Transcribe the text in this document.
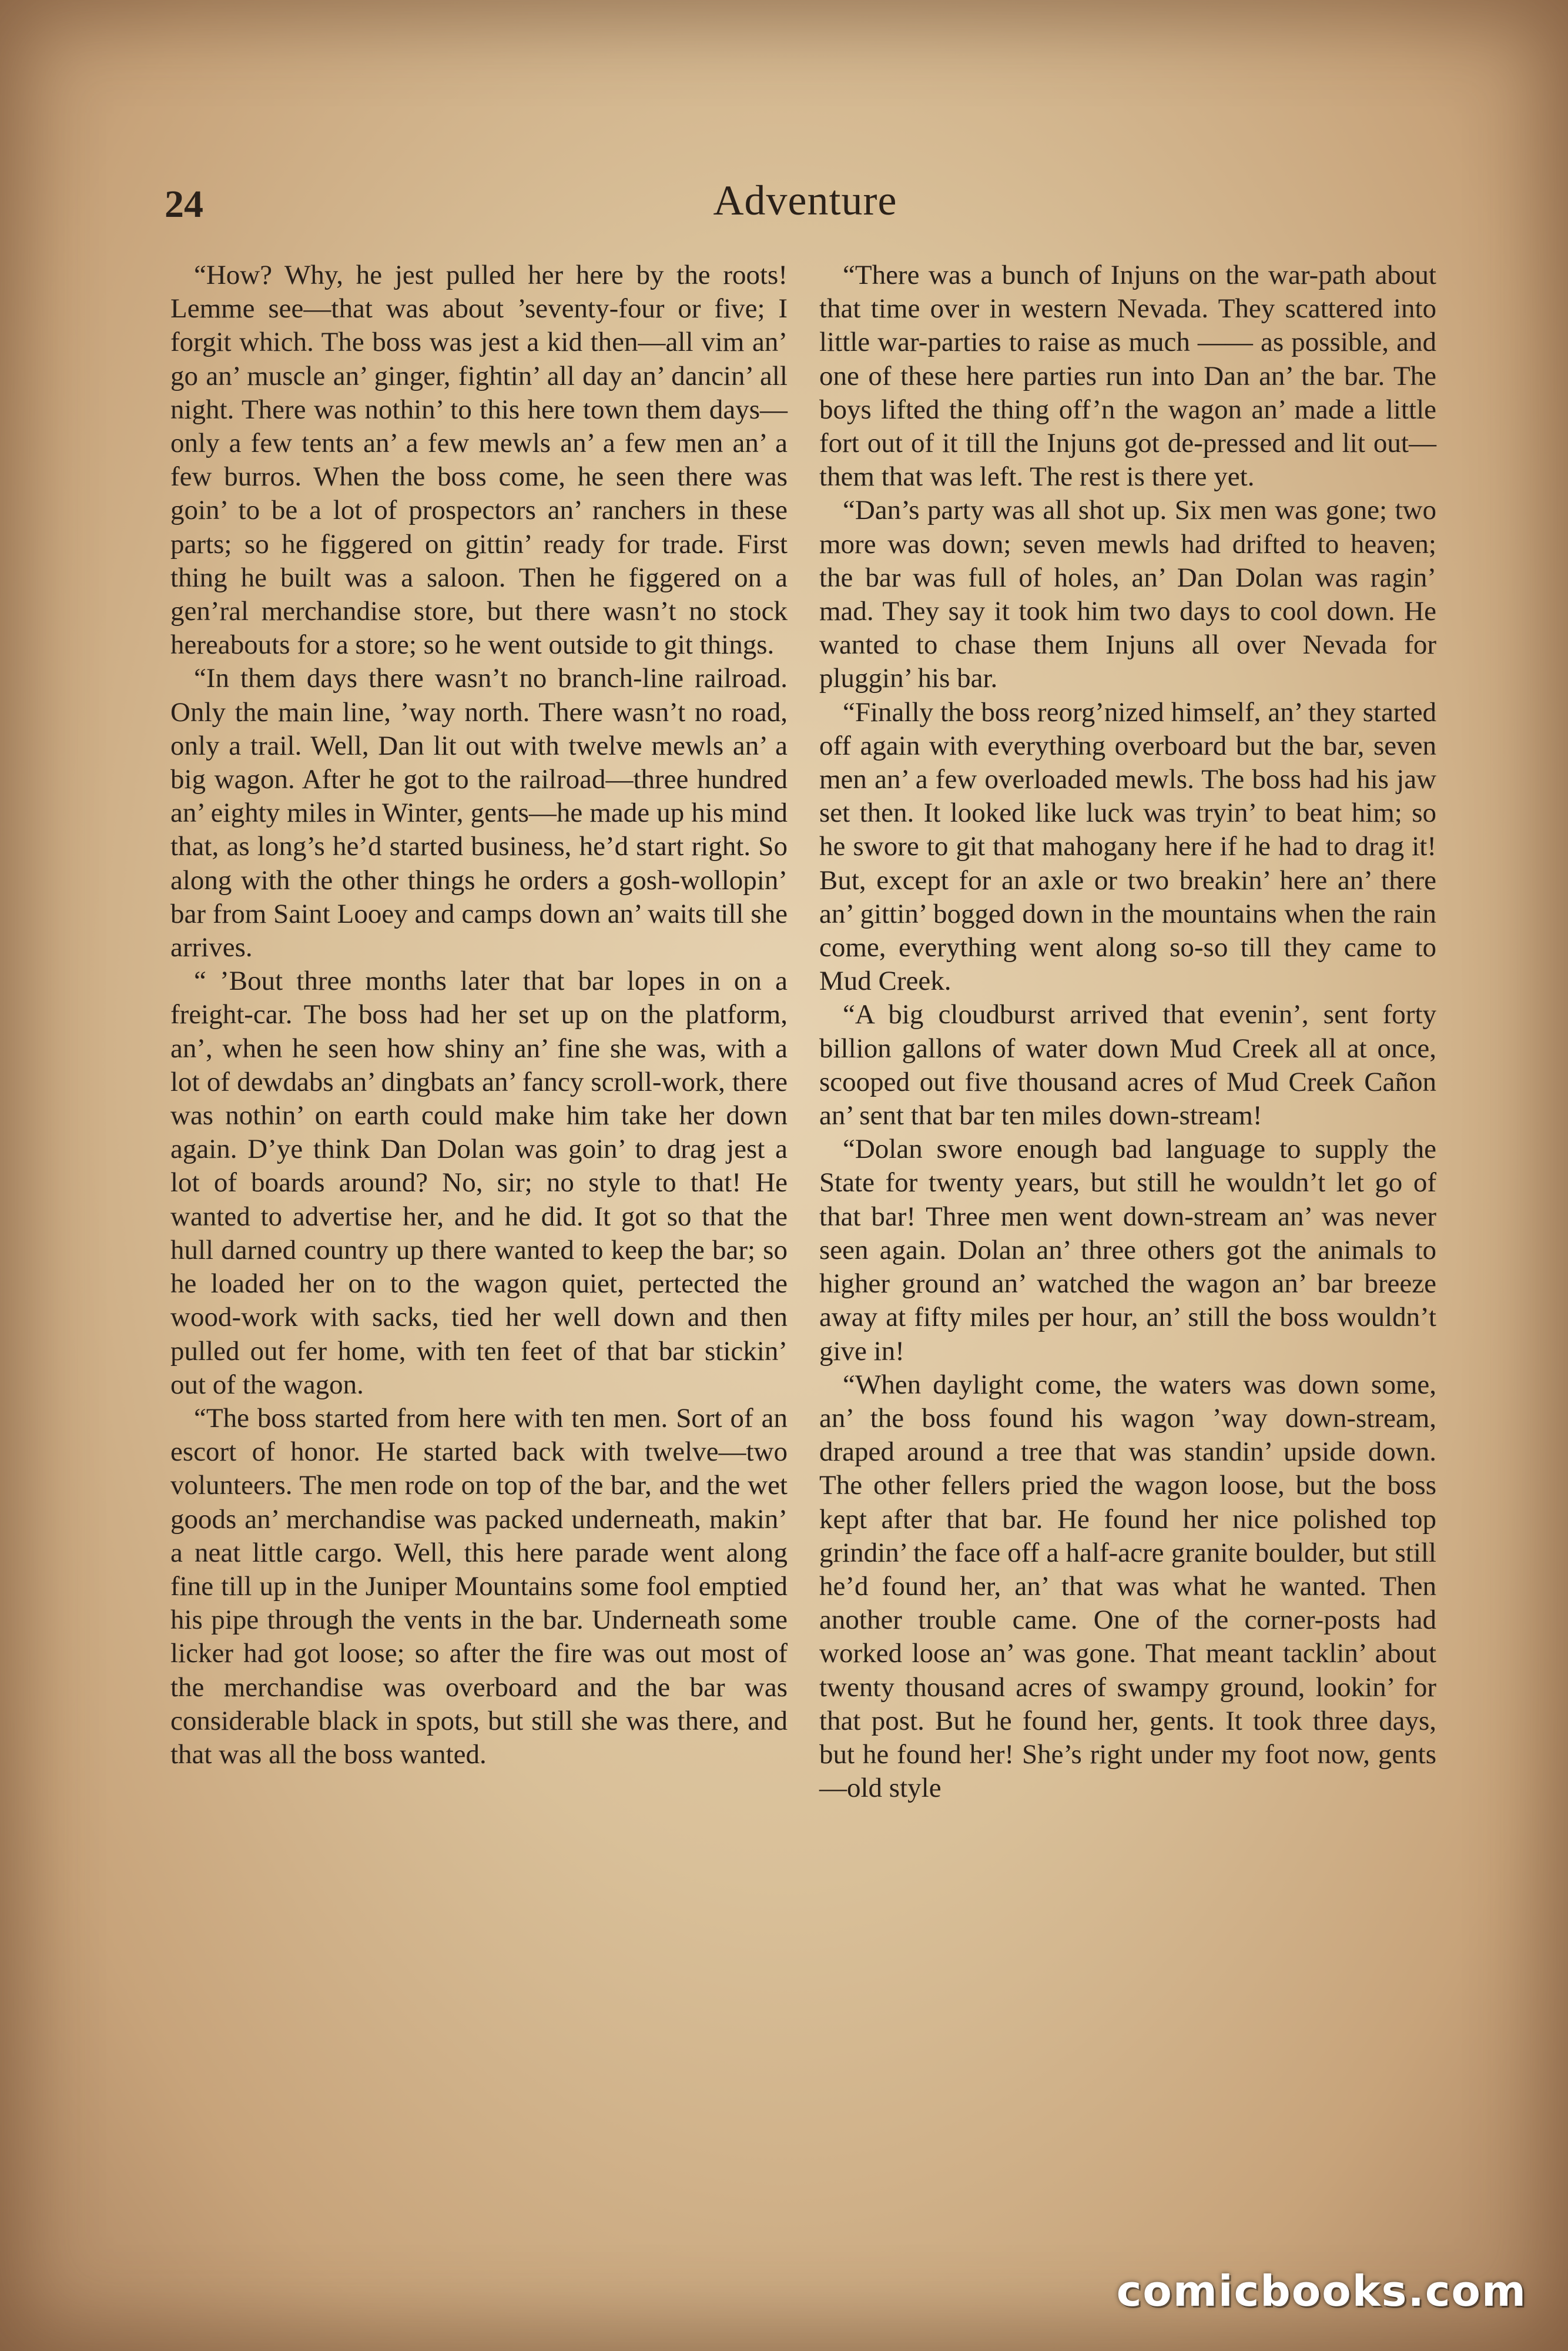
24	Adventure

“How? Why, he jest pulled her here by the roots! Lemme see—that was about ’seventy-four or five; I forgit which. The boss was jest a kid then—all vim an’ go an’ muscle an’ ginger, fightin’ all day an’ dancin’ all night. There was nothin’ to this here town them days—only a few tents an’ a few mewls an’ a few men an’ a few burros. When the boss come, he seen there was goin’ to be a lot of prospectors an’ ranchers in these parts; so he figgered on gittin’ ready for trade. First thing he built was a saloon. Then he figgered on a gen’ral merchandise store, but there wasn’t no stock hereabouts for a store; so he went outside to git things.

“In them days there wasn’t no branch-line railroad. Only the main line, ’way north. There wasn’t no road, only a trail. Well, Dan lit out with twelve mewls an’ a big wagon. After he got to the railroad—three hundred an’ eighty miles in Winter, gents—he made up his mind that, as long’s he’d started business, he’d start right. So along with the other things he orders a gosh-wollopin’ bar from Saint Looey and camps down an’ waits till she arrives.

“ ’Bout three months later that bar lopes in on a freight-car. The boss had her set up on the platform, an’, when he seen how shiny an’ fine she was, with a lot of dewdabs an’ dingbats an’ fancy scroll-work, there was nothin’ on earth could make him take her down again. D’ye think Dan Dolan was goin’ to drag jest a lot of boards around? No, sir; no style to that! He wanted to advertise her, and he did. It got so that the hull darned country up there wanted to keep the bar; so he loaded her on to the wagon quiet, pertected the wood-work with sacks, tied her well down and then pulled out fer home, with ten feet of that bar stickin’ out of the wagon.

“The boss started from here with ten men. Sort of an escort of honor. He started back with twelve—two volunteers. The men rode on top of the bar, and the wet goods an’ merchandise was packed underneath, makin’ a neat little cargo. Well, this here parade went along fine till up in the Juniper Mountains some fool emptied his pipe through the vents in the bar. Underneath some licker had got loose; so after the fire was out most of the merchandise was overboard and the bar was considerable black in spots, but still she was there, and that was all the boss wanted.

“There was a bunch of Injuns on the war-path about that time over in western Nevada. They scattered into little war-parties to raise as much —— as possible, and one of these here parties run into Dan an’ the bar. The boys lifted the thing off’n the wagon an’ made a little fort out of it till the Injuns got de-pressed and lit out—them that was left. The rest is there yet.

“Dan’s party was all shot up. Six men was gone; two more was down; seven mewls had drifted to heaven; the bar was full of holes, an’ Dan Dolan was ragin’ mad. They say it took him two days to cool down. He wanted to chase them Injuns all over Nevada for pluggin’ his bar.

“Finally the boss reorg’nized himself, an’ they started off again with everything overboard but the bar, seven men an’ a few overloaded mewls. The boss had his jaw set then. It looked like luck was tryin’ to beat him; so he swore to git that mahogany here if he had to drag it! But, except for an axle or two breakin’ here an’ there an’ gittin’ bogged down in the mountains when the rain come, everything went along so-so till they came to Mud Creek.

“A big cloudburst arrived that evenin’, sent forty billion gallons of water down Mud Creek all at once, scooped out five thousand acres of Mud Creek Cañon an’ sent that bar ten miles down-stream!

“Dolan swore enough bad language to supply the State for twenty years, but still he wouldn’t let go of that bar! Three men went down-stream an’ was never seen again. Dolan an’ three others got the animals to higher ground an’ watched the wagon an’ bar breeze away at fifty miles per hour, an’ still the boss wouldn’t give in!

“When daylight come, the waters was down some, an’ the boss found his wagon ’way down-stream, draped around a tree that was standin’ upside down. The other fellers pried the wagon loose, but the boss kept after that bar. He found her nice polished top grindin’ the face off a half-acre granite boulder, but still he’d found her, an’ that was what he wanted. Then another trouble came. One of the corner-posts had worked loose an’ was gone. That meant tacklin’ about twenty thousand acres of swampy ground, lookin’ for that post. But he found her, gents. It took three days, but he found her! She’s right under my foot now, gents—old style

comicbooks.com
